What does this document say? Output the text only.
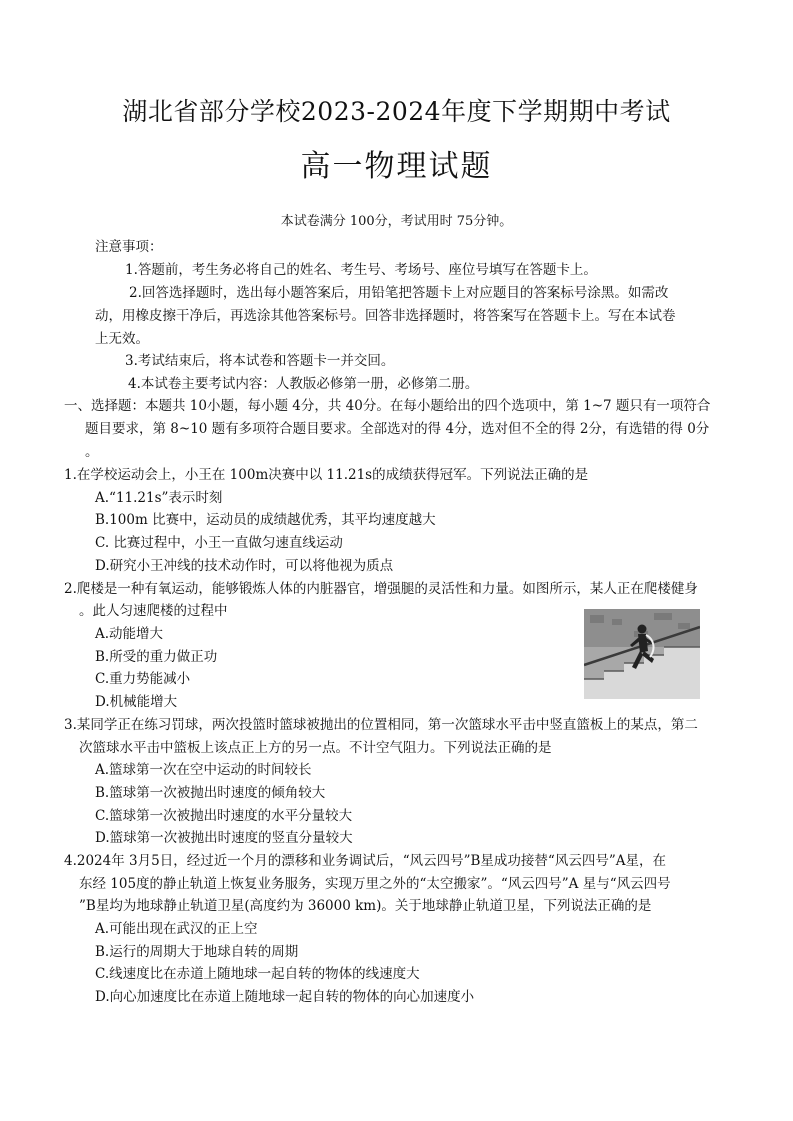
湖北省部分学校2023-2024年度下学期期中考试
高一物理试题
本试卷满分 100分，考试用时 75分钟。
注意事项：
1.答题前，考生务必将自己的姓名、考生号、考场号、座位号填写在答题卡上。
2.回答选择题时，选出每小题答案后，用铅笔把答题卡上对应题目的答案标号涂黑。如需改
动，用橡皮擦干净后，再选涂其他答案标号。回答非选择题时，将答案写在答题卡上。写在本试卷
上无效。
3.考试结束后，将本试卷和答题卡一并交回。
4.本试卷主要考试内容：人教版必修第一册，必修第二册。
一、选择题：本题共 10小题，每小题 4分，共 40分。在每小题给出的四个选项中，第 1~7 题只有一项符合
题目要求，第 8~10 题有多项符合题目要求。全部选对的得 4分，选对但不全的得 2分，有选错的得 0分
。
1.在学校运动会上，小王在 100m决赛中以 11.21s的成绩获得冠军。下列说法正确的是
A.“11.21s”表示时刻
B.100m 比赛中，运动员的成绩越优秀，其平均速度越大
C. 比赛过程中，小王一直做匀速直线运动
D.研究小王冲线的技术动作时，可以将他视为质点
2.爬楼是一种有氧运动，能够锻炼人体的内脏器官，增强腿的灵活性和力量。如图所示，某人正在爬楼健身
。此人匀速爬楼的过程中
A.动能增大
B.所受的重力做正功
C.重力势能减小
D.机械能增大
3.某同学正在练习罚球，两次投篮时篮球被抛出的位置相同，第一次篮球水平击中竖直篮板上的某点，第二
次篮球水平击中篮板上该点正上方的另一点。不计空气阻力。下列说法正确的是
A.篮球第一次在空中运动的时间较长
B.篮球第一次被抛出时速度的倾角较大
C.篮球第一次被抛出时速度的水平分量较大
D.篮球第一次被抛出时速度的竖直分量较大
4.2024年 3月5日，经过近一个月的漂移和业务调试后，“风云四号”B星成功接替“风云四号”A星，在
东经 105度的静止轨道上恢复业务服务，实现万里之外的“太空搬家”。“风云四号”A 星与“风云四号
”B星均为地球静止轨道卫星(高度约为 36000 km)。关于地球静止轨道卫星，下列说法正确的是
A.可能出现在武汉的正上空
B.运行的周期大于地球自转的周期
C.线速度比在赤道上随地球一起自转的物体的线速度大
D.向心加速度比在赤道上随地球一起自转的物体的向心加速度小
